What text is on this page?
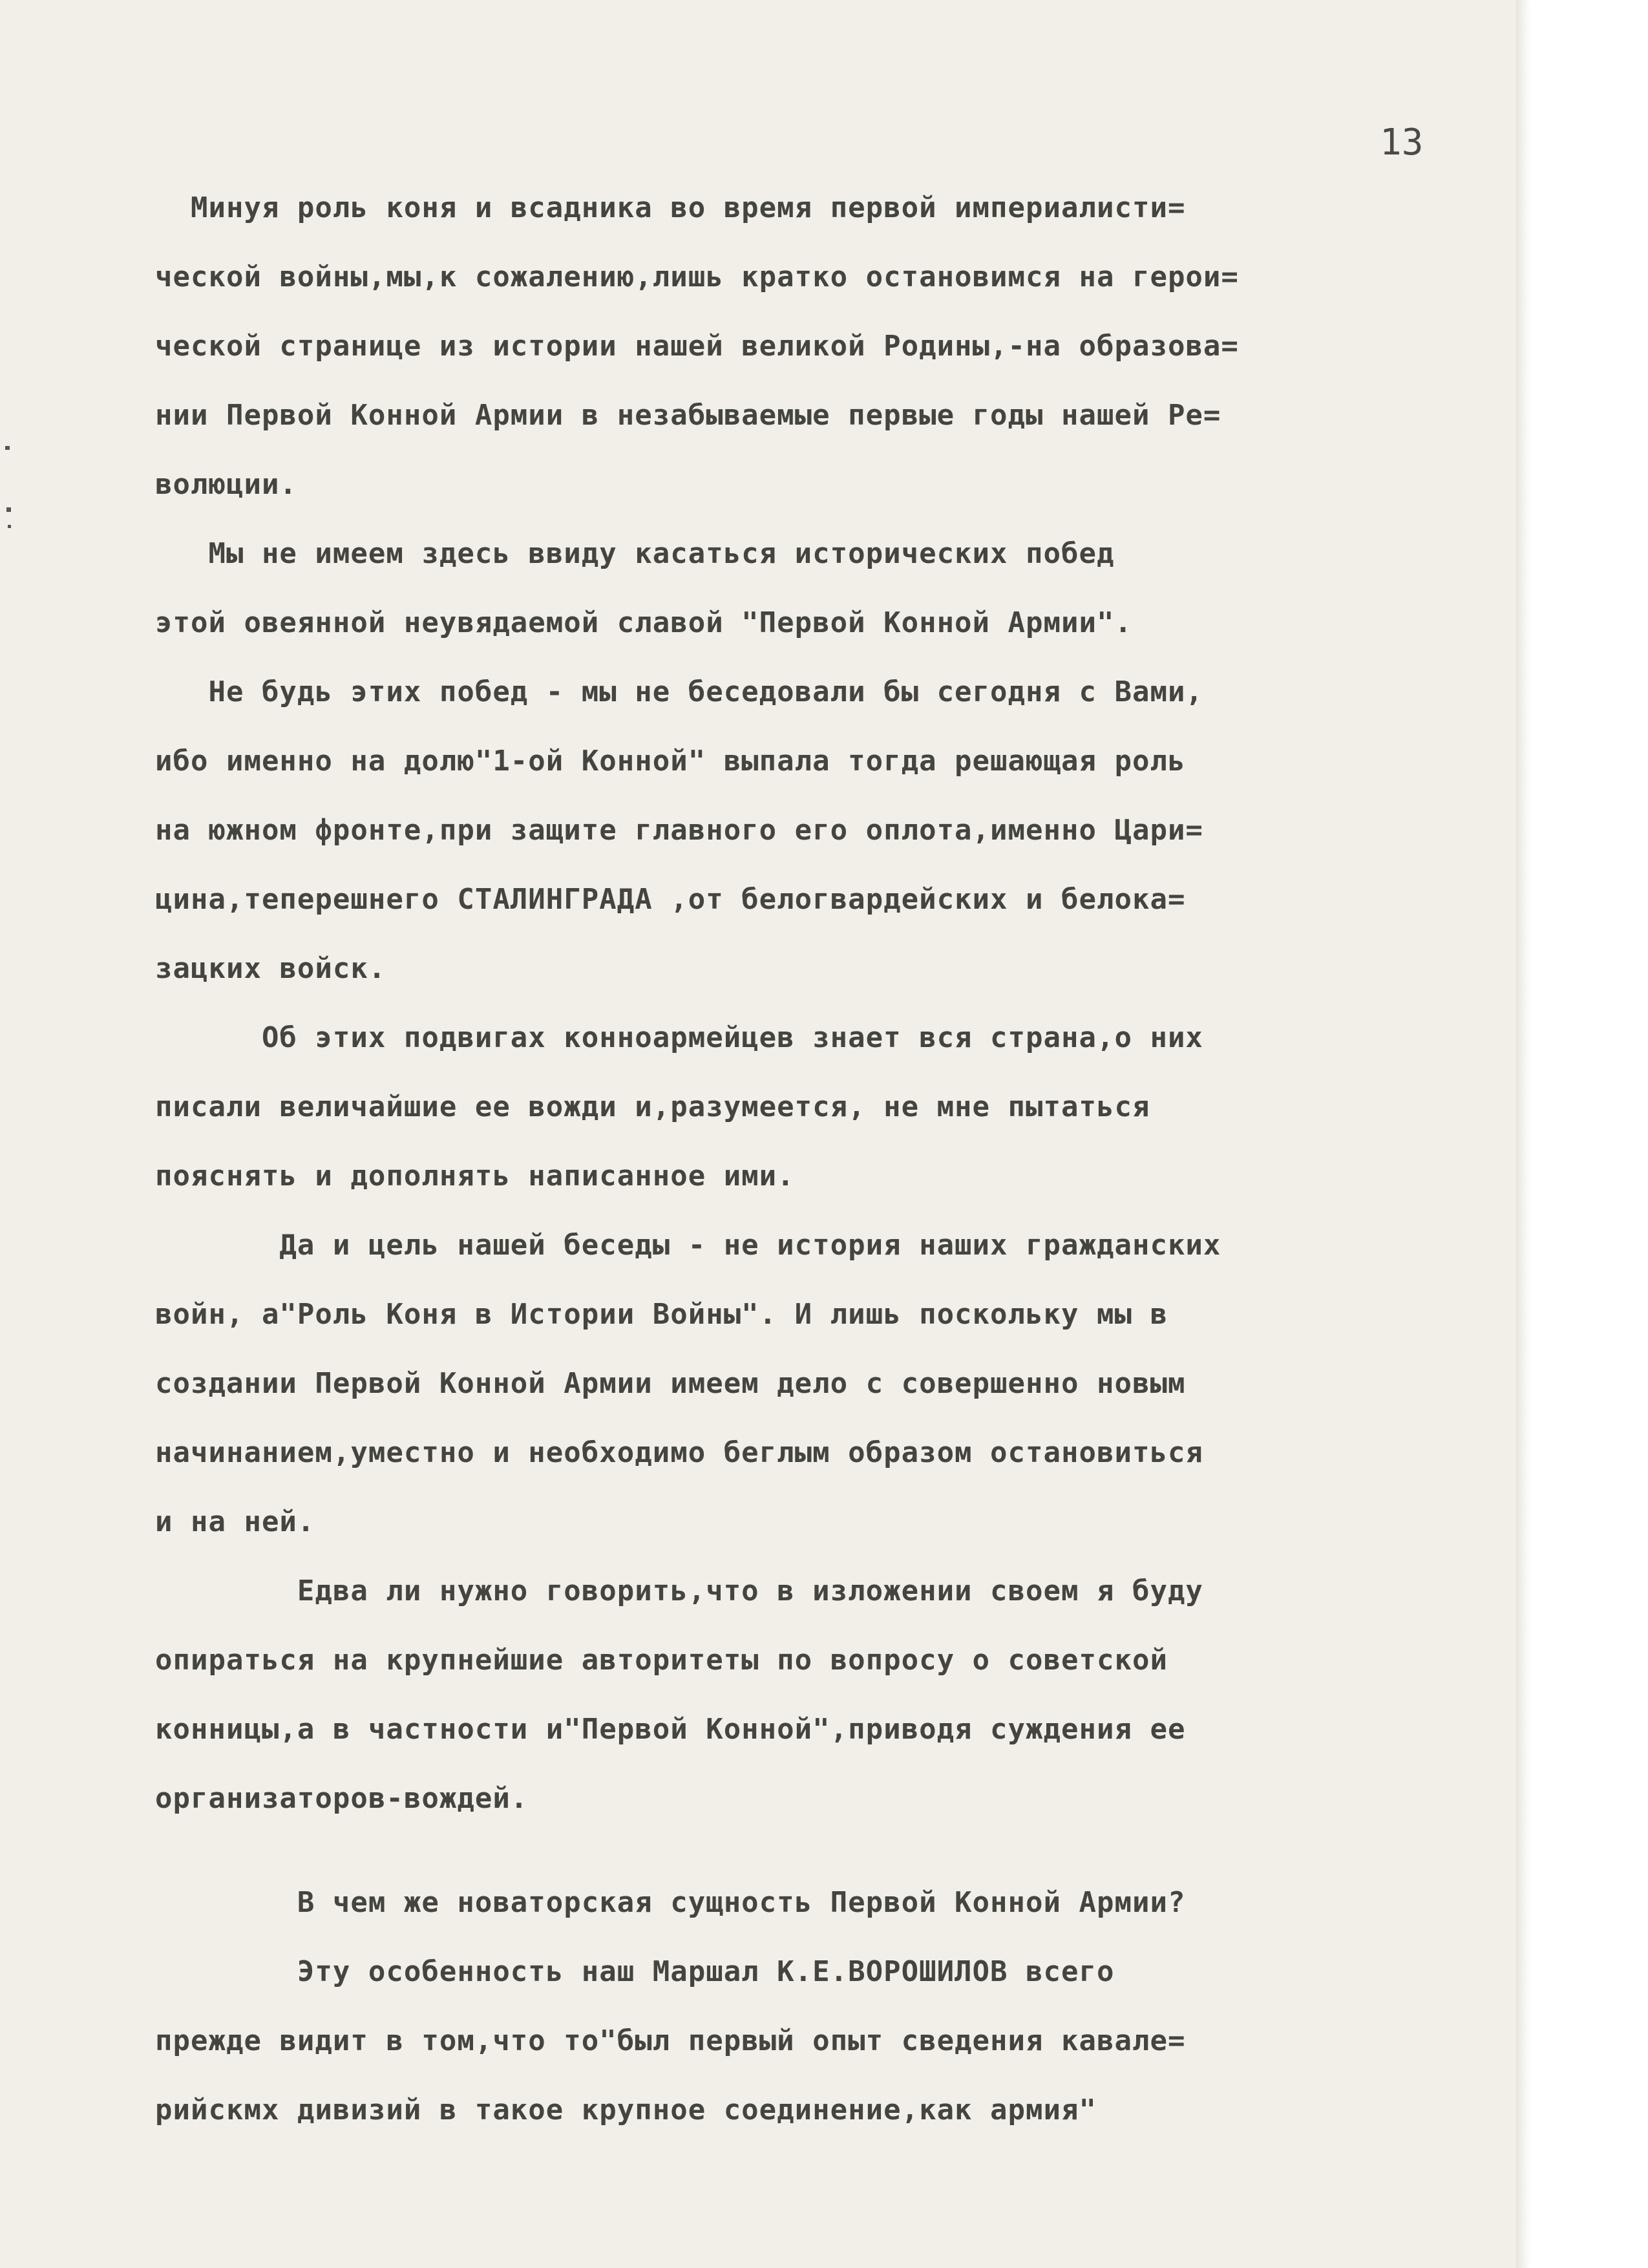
13
Минуя роль коня и всадника во время первой империалисти=
ческой войны,мы,к сожалению,лишь кратко остановимся на герои=
ческой странице из истории нашей великой Родины,-на образова=
нии Первой Конной Армии в незабываемые первые годы нашей Ре=
волюции.
Мы не имеем здесь ввиду касаться исторических побед
этой овеянной неувядаемой славой "Первой Конной Армии".
Не будь этих побед - мы не беседовали бы сегодня с Вами,
ибо именно на долю"1-ой Конной" выпала тогда решающая роль
на южном фронте,при защите главного его оплота,именно Цари=
цина,теперешнего СТАЛИНГРАДА ,от белогвардейских и белока=
зацких войск.
Об этих подвигах конноармейцев знает вся страна,о них
писали величайшие ее вожди и,разумеется, не мне пытаться
пояснять и дополнять написанное ими.
Да и цель нашей беседы - не история наших гражданских
войн, а"Роль Коня в Истории Войны". И лишь поскольку мы в
создании Первой Конной Армии имеем дело с совершенно новым
начинанием,уместно и необходимо беглым образом остановиться
и на ней.
Едва ли нужно говорить,что в изложении своем я буду
опираться на крупнейшие авторитеты по вопросу о советской
конницы,а в частности и"Первой Конной",приводя суждения ее
организаторов-вождей.
В чем же новаторская сущность Первой Конной Армии?
Эту особенность наш Маршал К.Е.ВОРОШИЛОВ всего
прежде видит в том,что то"был первый опыт сведения кавале=
рийскмх дивизий в такое крупное соединение,как армия"
